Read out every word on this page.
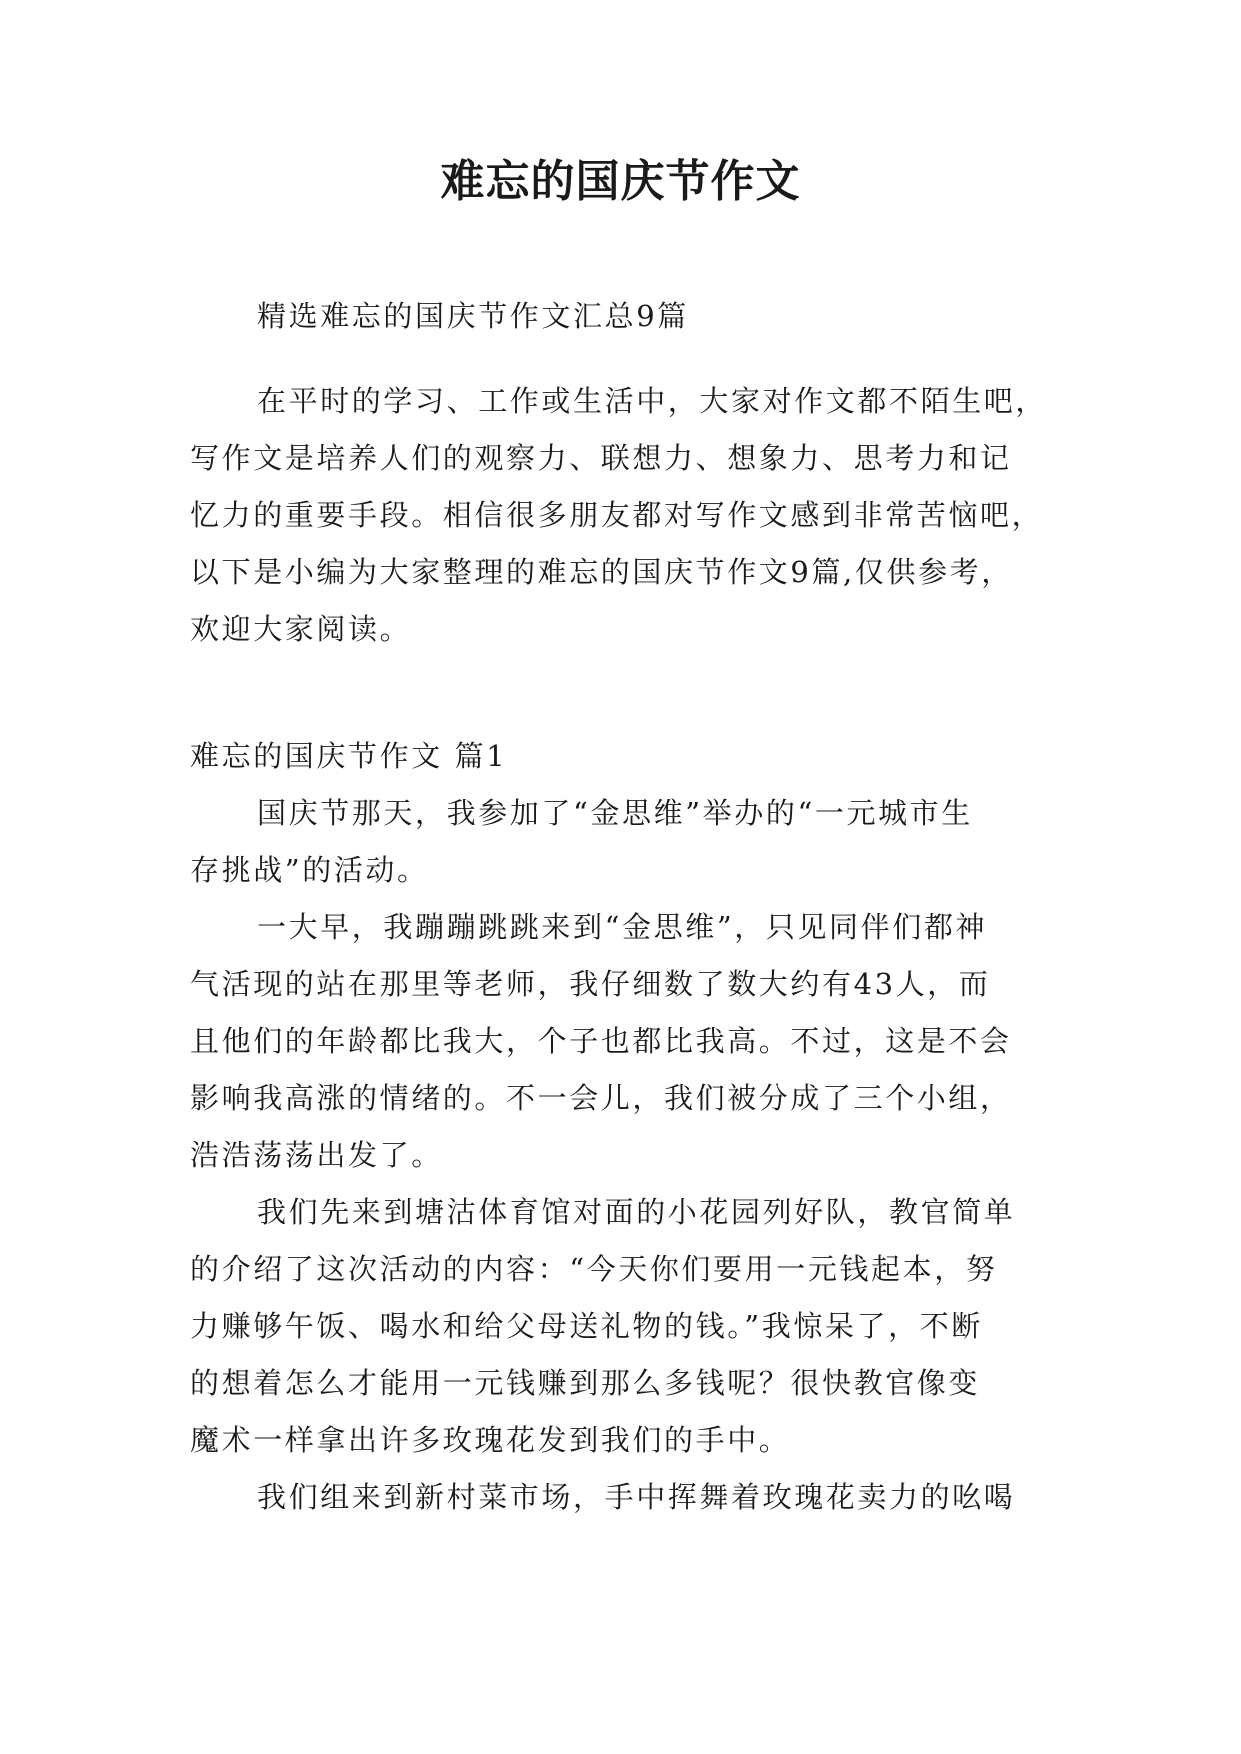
难忘的国庆节作文
精选难忘的国庆节作文汇总9篇
在平时的学习、工作或生活中，大家对作文都不陌生吧，
写作文是培养人们的观察力、联想力、想象力、思考力和记
忆力的重要手段。相信很多朋友都对写作文感到非常苦恼吧，
以下是小编为大家整理的难忘的国庆节作文9篇,仅供参考，
欢迎大家阅读。
难忘的国庆节作文 篇1
国庆节那天，我参加了“金思维”举办的“一元城市生
存挑战”的活动。
一大早，我蹦蹦跳跳来到“金思维”，只见同伴们都神
气活现的站在那里等老师，我仔细数了数大约有43人，而
且他们的年龄都比我大，个子也都比我高。不过，这是不会
影响我高涨的情绪的。不一会儿，我们被分成了三个小组，
浩浩荡荡出发了。
我们先来到塘沽体育馆对面的小花园列好队，教官简单
的介绍了这次活动的内容：“今天你们要用一元钱起本，努
力赚够午饭、喝水和给父母送礼物的钱。”我惊呆了，不断
的想着怎么才能用一元钱赚到那么多钱呢？很快教官像变
魔术一样拿出许多玫瑰花发到我们的手中。
我们组来到新村菜市场，手中挥舞着玫瑰花卖力的吆喝
